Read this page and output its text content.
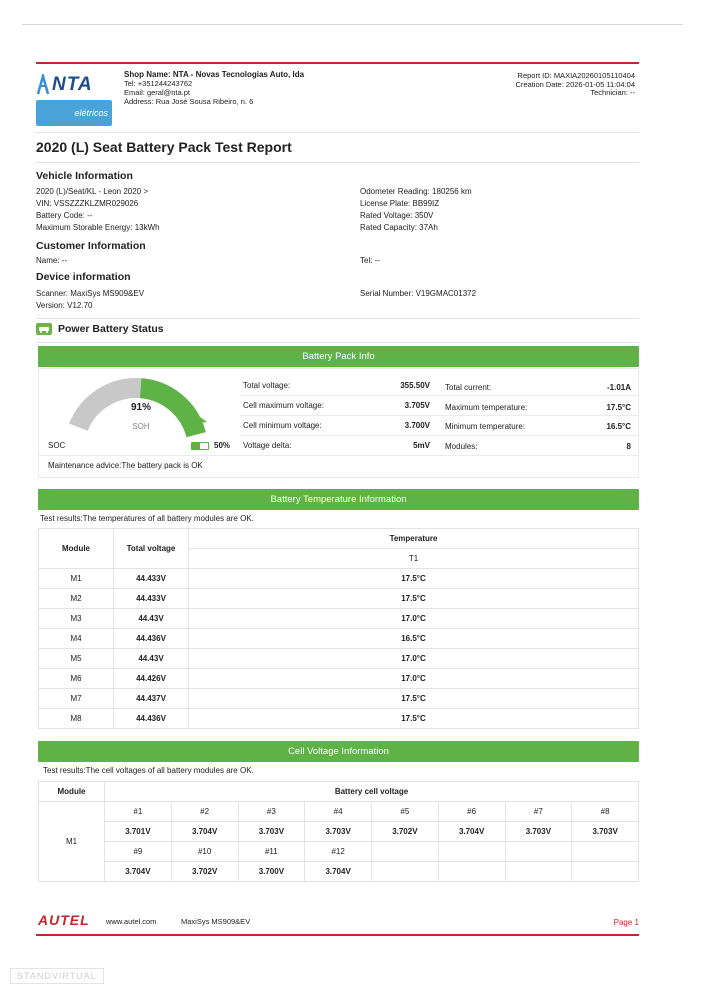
NTA
elétricos
Shop Name: NTA - Novas Tecnologias Auto, lda
Tel: +351244243762
Email: geral@nta.pt
Address: Rua José Sousa Ribeiro, n. 6
Report ID: MAXIA20260105110404
Creation Date: 2026-01-05 11:04:04
Technician: --
2020 (L) Seat Battery Pack Test Report
Vehicle Information
2020 (L)/Seat/KL - Leon 2020 >
VIN: VSSZZZKLZMR029026
Battery Code: --
Maximum Storable Energy: 13kWh
Odometer Reading: 180256 km
License Plate: BB99IZ
Rated Voltage: 350V
Rated Capacity: 37Ah
Customer Information
Name: --	Tel: --
Device information
Scanner: MaxiSys MS909&EV
Version: V12.70
Serial Number: V19GMAC01372
Power Battery Status
Battery Pack Info
91%
SOH
SOC	50%
Total voltage:	355.50V
Cell maximum voltage:	3.705V
Cell minimum voltage:	3.700V
Voltage delta:	5mV
Total current:	-1.01A
Maximum temperature:	17.5°C
Minimum temperature:	16.5°C
Modules:	8
Maintenance advice:The battery pack is OK
Battery Temperature Information
Test results:The temperatures of all battery modules are OK.
Module	Total voltage	Temperature
		T1
M1	44.433V	17.5°C
M2	44.433V	17.5°C
M3	44.43V	17.0°C
M4	44.436V	16.5°C
M5	44.43V	17.0°C
M6	44.426V	17.0°C
M7	44.437V	17.5°C
M8	44.436V	17.5°C
Cell Voltage Information
Test results:The cell voltages of all battery modules are OK.
Module	Battery cell voltage							
M1	#1	#2	#3	#4	#5	#6	#7	#8
	3.701V	3.704V	3.703V	3.703V	3.702V	3.704V	3.703V	3.703V
	#9	#10	#11	#12				
	3.704V	3.702V	3.700V	3.704V				
AUTEL www.autel.com	MaxiSys MS909&EV	Page 1
STANDVIRTUAL
